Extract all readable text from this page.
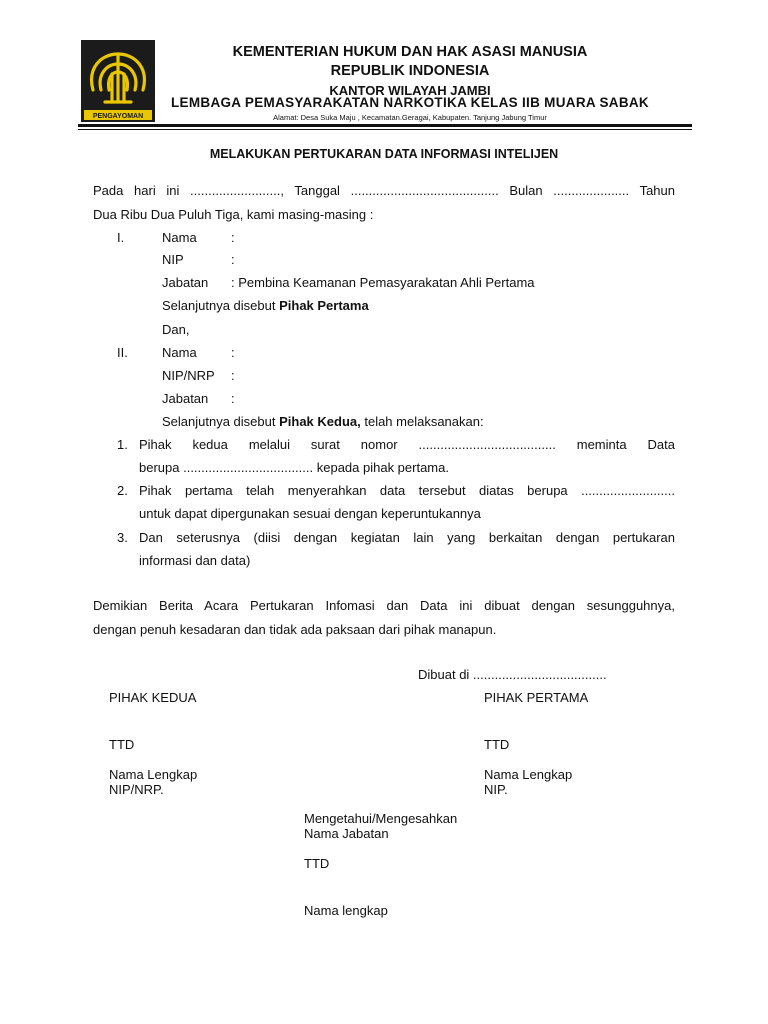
PENGAYOMAN
KEMENTERIAN HUKUM DAN HAK ASASI MANUSIA
REPUBLIK INDONESIA
KANTOR WILAYAH JAMBI
LEMBAGA PEMASYARAKATAN NARKOTIKA KELAS IIB MUARA SABAK
Alamat: Desa Suka Maju , Kecamatan.Geragai, Kabupaten. Tanjung Jabung Timur
MELAKUKAN PERTUKARAN DATA INFORMASI INTELIJEN
Pada hari ini ........................., Tanggal ......................................... Bulan ..................... Tahun
Dua Ribu Dua Puluh Tiga, kami masing-masing :
I.	Nama	:
NIP	:
Jabatan : Pembina Keamanan Pemasyarakatan Ahli Pertama
Selanjutnya disebut Pihak Pertama
Dan,
II.	Nama	:
NIP/NRP :
Jabatan :
Selanjutnya disebut Pihak Kedua, telah melaksanakan:
1. Pihak kedua melalui surat nomor ...................................... meminta Data
berupa .................................... kepada pihak pertama.
2. Pihak pertama telah menyerahkan data tersebut diatas berupa ..........................
untuk dapat dipergunakan sesuai dengan keperuntukannya
3. Dan seterusnya (diisi dengan kegiatan lain yang berkaitan dengan pertukaran
informasi dan data)
Demikian Berita Acara Pertukaran Infomasi dan Data ini dibuat dengan sesungguhnya,
dengan penuh kesadaran dan tidak ada paksaan dari pihak manapun.
Dibuat di .....................................
PIHAK KEDUA
TTD
Nama Lengkap
NIP/NRP.
PIHAK PERTAMA
TTD
Nama Lengkap
NIP.
Mengetahui/Mengesahkan
Nama Jabatan
TTD
Nama lengkap
